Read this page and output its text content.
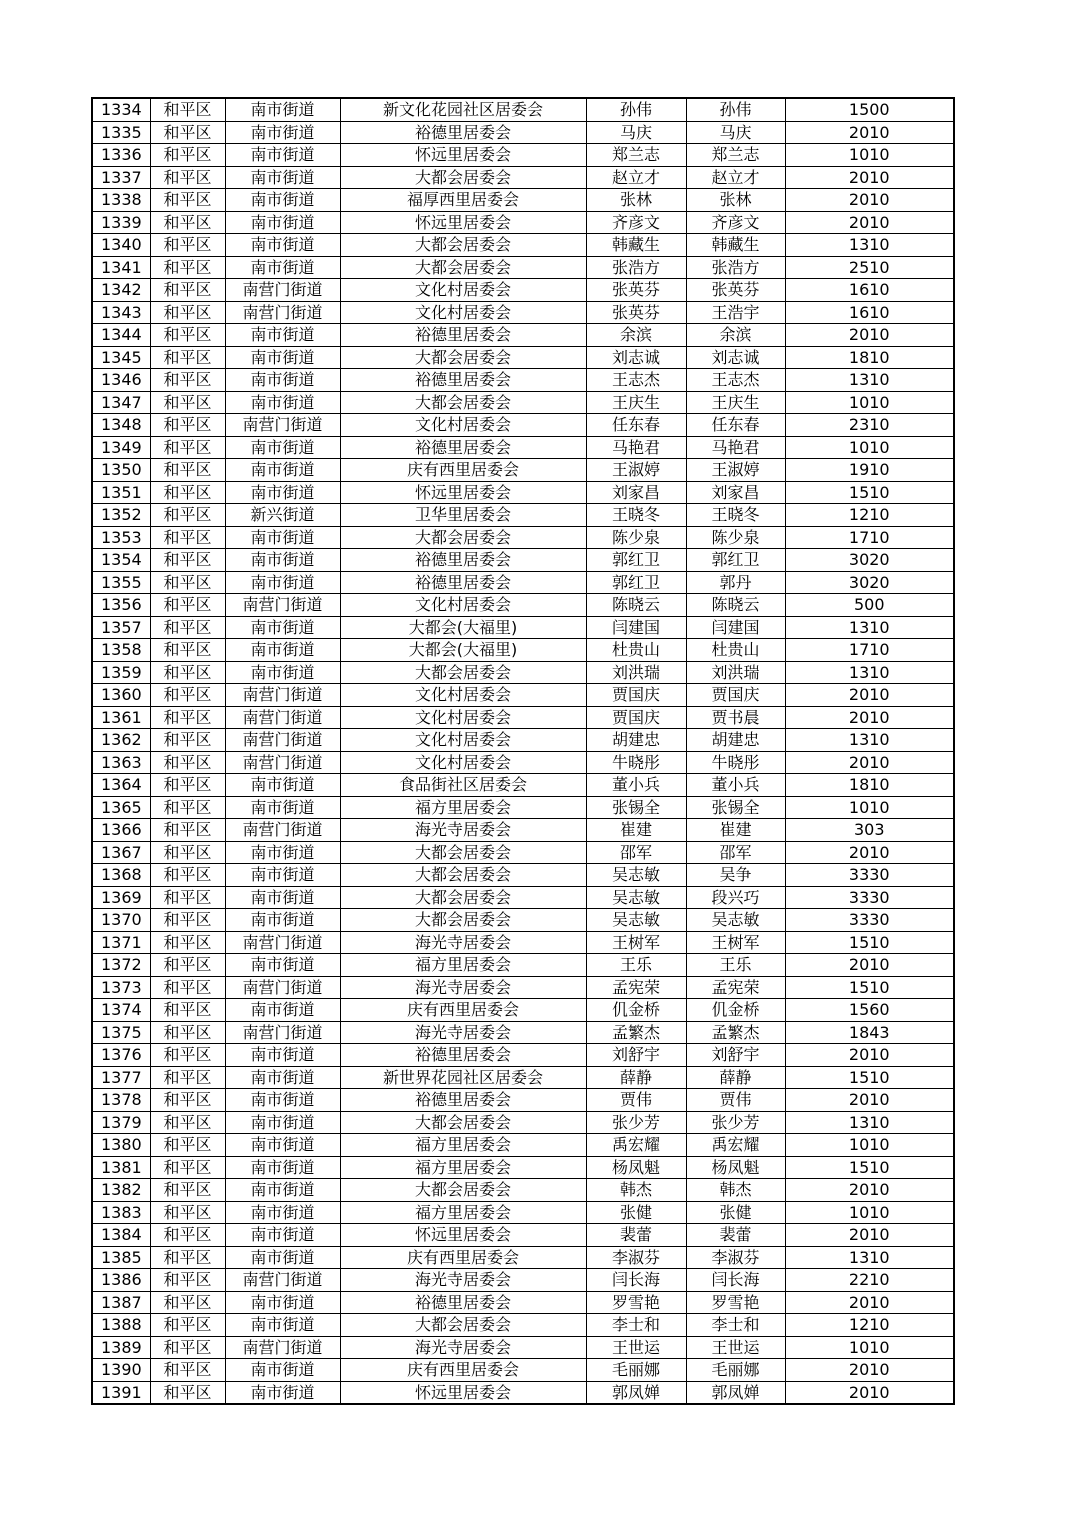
1334	和平区	南市街道	新文化花园社区居委会	孙伟	孙伟	1500
1335	和平区	南市街道	裕德里居委会	马庆	马庆	2010
1336	和平区	南市街道	怀远里居委会	郑兰志	郑兰志	1010
1337	和平区	南市街道	大都会居委会	赵立才	赵立才	2010
1338	和平区	南市街道	福厚西里居委会	张林	张林	2010
1339	和平区	南市街道	怀远里居委会	齐彦文	齐彦文	2010
1340	和平区	南市街道	大都会居委会	韩藏生	韩藏生	1310
1341	和平区	南市街道	大都会居委会	张浩方	张浩方	2510
1342	和平区	南营门街道	文化村居委会	张英芬	张英芬	1610
1343	和平区	南营门街道	文化村居委会	张英芬	王浩宇	1610
1344	和平区	南市街道	裕德里居委会	余滨	余滨	2010
1345	和平区	南市街道	大都会居委会	刘志诚	刘志诚	1810
1346	和平区	南市街道	裕德里居委会	王志杰	王志杰	1310
1347	和平区	南市街道	大都会居委会	王庆生	王庆生	1010
1348	和平区	南营门街道	文化村居委会	任东春	任东春	2310
1349	和平区	南市街道	裕德里居委会	马艳君	马艳君	1010
1350	和平区	南市街道	庆有西里居委会	王淑婷	王淑婷	1910
1351	和平区	南市街道	怀远里居委会	刘家昌	刘家昌	1510
1352	和平区	新兴街道	卫华里居委会	王晓冬	王晓冬	1210
1353	和平区	南市街道	大都会居委会	陈少泉	陈少泉	1710
1354	和平区	南市街道	裕德里居委会	郭红卫	郭红卫	3020
1355	和平区	南市街道	裕德里居委会	郭红卫	郭丹	3020
1356	和平区	南营门街道	文化村居委会	陈晓云	陈晓云	500
1357	和平区	南市街道	大都会(大福里)	闫建国	闫建国	1310
1358	和平区	南市街道	大都会(大福里)	杜贵山	杜贵山	1710
1359	和平区	南市街道	大都会居委会	刘洪瑞	刘洪瑞	1310
1360	和平区	南营门街道	文化村居委会	贾国庆	贾国庆	2010
1361	和平区	南营门街道	文化村居委会	贾国庆	贾书晨	2010
1362	和平区	南营门街道	文化村居委会	胡建忠	胡建忠	1310
1363	和平区	南营门街道	文化村居委会	牛晓彤	牛晓彤	2010
1364	和平区	南市街道	食品街社区居委会	董小兵	董小兵	1810
1365	和平区	南市街道	福方里居委会	张锡全	张锡全	1010
1366	和平区	南营门街道	海光寺居委会	崔建	崔建	303
1367	和平区	南市街道	大都会居委会	邵军	邵军	2010
1368	和平区	南市街道	大都会居委会	吴志敏	吴争	3330
1369	和平区	南市街道	大都会居委会	吴志敏	段兴巧	3330
1370	和平区	南市街道	大都会居委会	吴志敏	吴志敏	3330
1371	和平区	南营门街道	海光寺居委会	王树军	王树军	1510
1372	和平区	南市街道	福方里居委会	王乐	王乐	2010
1373	和平区	南营门街道	海光寺居委会	孟宪荣	孟宪荣	1510
1374	和平区	南市街道	庆有西里居委会	仉金桥	仉金桥	1560
1375	和平区	南营门街道	海光寺居委会	孟繁杰	孟繁杰	1843
1376	和平区	南市街道	裕德里居委会	刘舒宇	刘舒宇	2010
1377	和平区	南市街道	新世界花园社区居委会	薛静	薛静	1510
1378	和平区	南市街道	裕德里居委会	贾伟	贾伟	2010
1379	和平区	南市街道	大都会居委会	张少芳	张少芳	1310
1380	和平区	南市街道	福方里居委会	禹宏耀	禹宏耀	1010
1381	和平区	南市街道	福方里居委会	杨凤魁	杨凤魁	1510
1382	和平区	南市街道	大都会居委会	韩杰	韩杰	2010
1383	和平区	南市街道	福方里居委会	张健	张健	1010
1384	和平区	南市街道	怀远里居委会	裴蕾	裴蕾	2010
1385	和平区	南市街道	庆有西里居委会	李淑芬	李淑芬	1310
1386	和平区	南营门街道	海光寺居委会	闫长海	闫长海	2210
1387	和平区	南市街道	裕德里居委会	罗雪艳	罗雪艳	2010
1388	和平区	南市街道	大都会居委会	李士和	李士和	1210
1389	和平区	南营门街道	海光寺居委会	王世运	王世运	1010
1390	和平区	南市街道	庆有西里居委会	毛丽娜	毛丽娜	2010
1391	和平区	南市街道	怀远里居委会	郭凤婵	郭凤婵	2010
